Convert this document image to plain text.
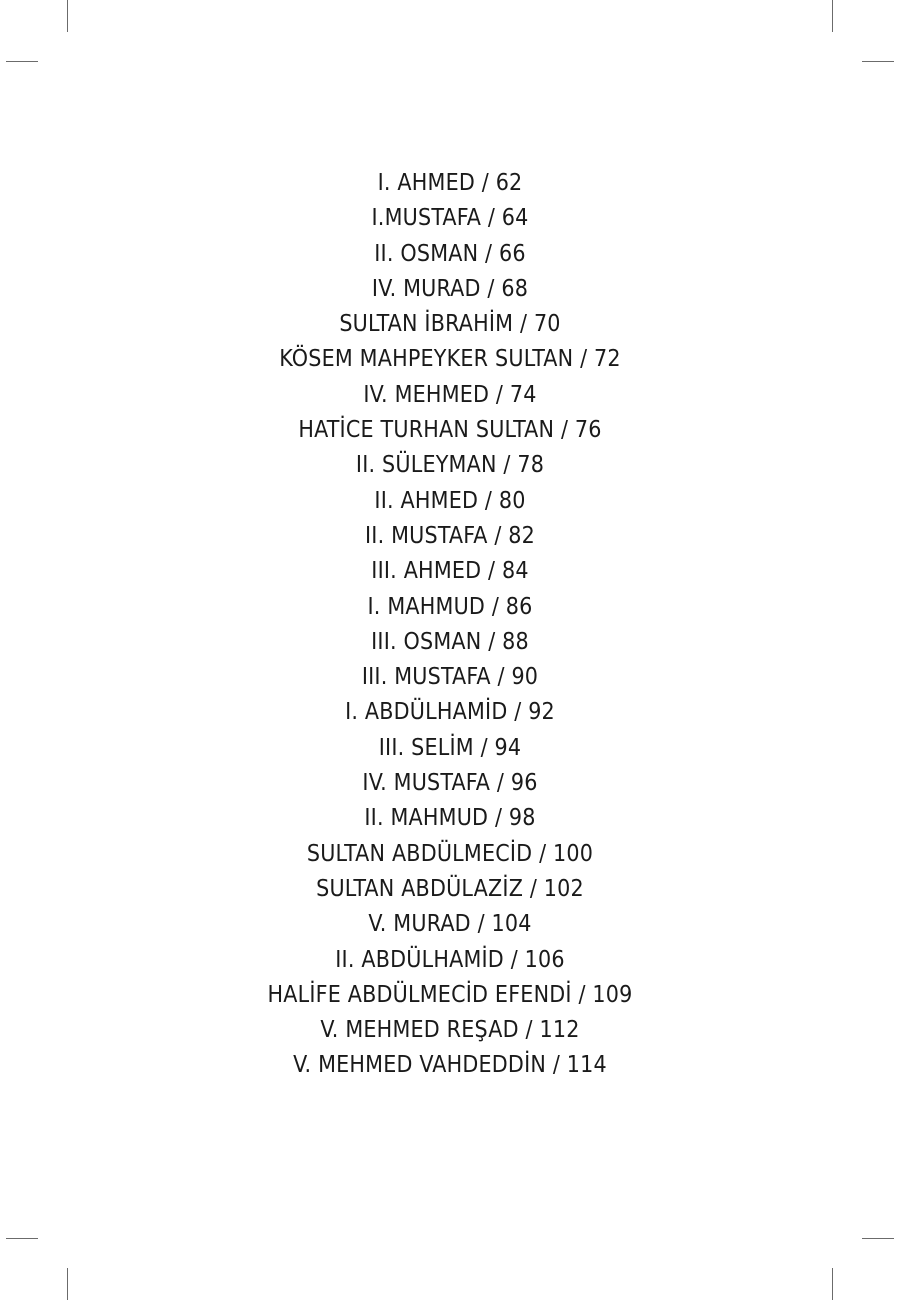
I. AHMED / 62
I.MUSTAFA / 64
II. OSMAN / 66
IV. MURAD / 68
SULTAN İBRAHİM / 70
KÖSEM MAHPEYKER SULTAN / 72
IV. MEHMED / 74
HATİCE TURHAN SULTAN / 76
II. SÜLEYMAN / 78
II. AHMED / 80
II. MUSTAFA / 82
III. AHMED / 84
I. MAHMUD / 86
III. OSMAN / 88
III. MUSTAFA / 90
I. ABDÜLHAMİD / 92
III. SELİM / 94
IV. MUSTAFA / 96
II. MAHMUD / 98
SULTAN ABDÜLMECİD / 100
SULTAN ABDÜLAZİZ / 102
V. MURAD / 104
II. ABDÜLHAMİD / 106
HALİFE ABDÜLMECİD EFENDİ / 109
V. MEHMED REŞAD / 112
V. MEHMED VAHDEDDİN / 114
